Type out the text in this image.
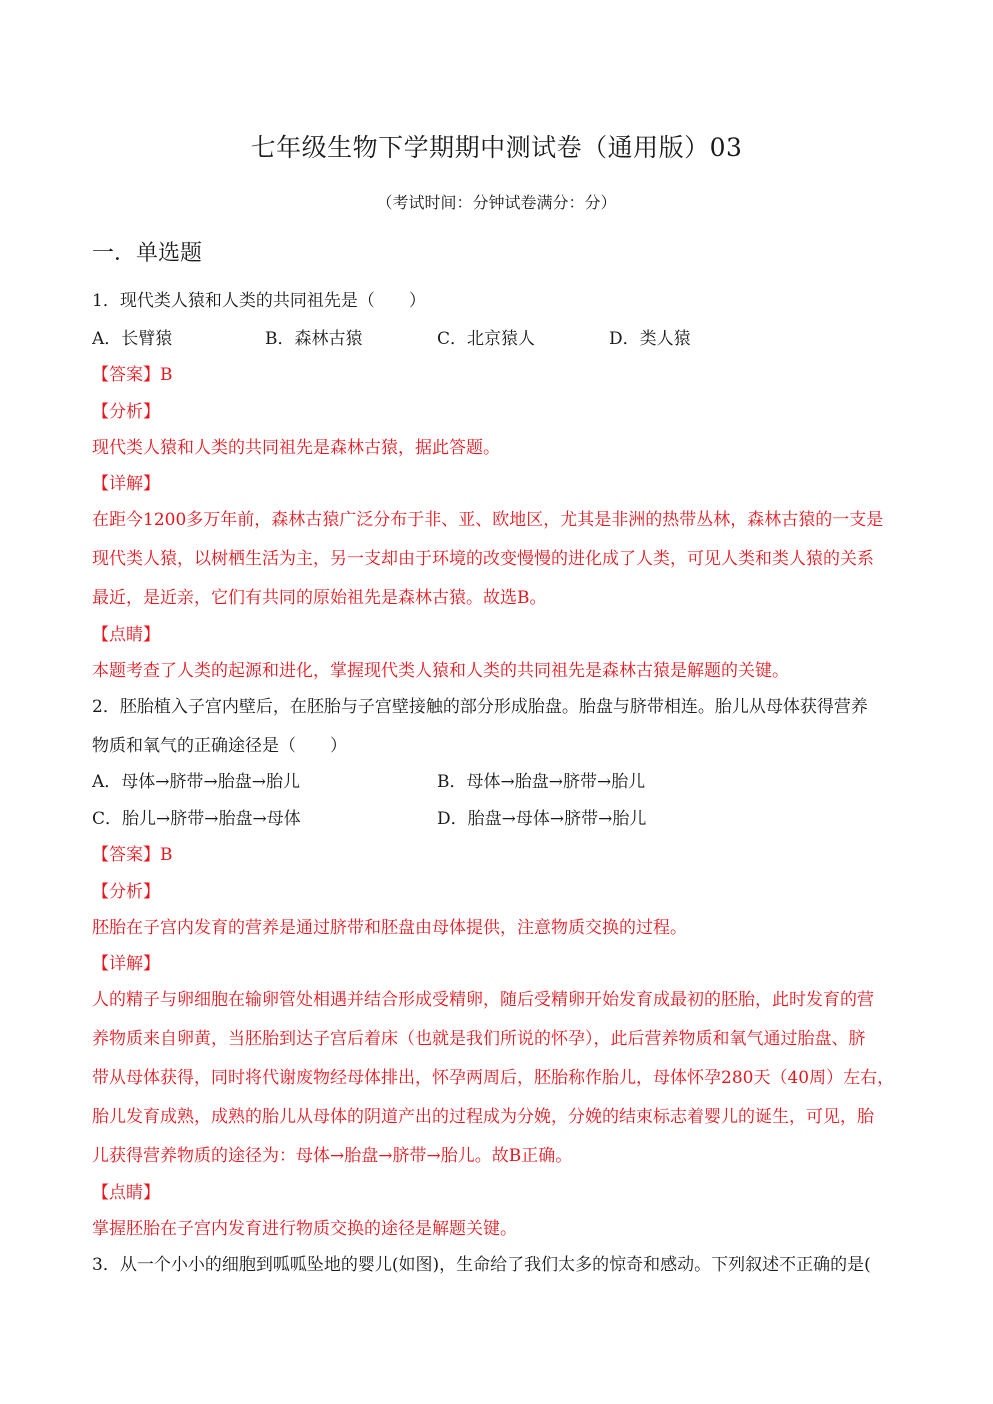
七年级生物下学期期中测试卷（通用版）03
（考试时间：分钟试卷满分：分）
一．单选题
1．现代类人猿和人类的共同祖先是（　　）
A．长臂猿	B．森林古猿	C．北京猿人	D．类人猿
【答案】B
【分析】
现代类人猿和人类的共同祖先是森林古猿，据此答题。
【详解】
在距今1200多万年前，森林古猿广泛分布于非、亚、欧地区，尤其是非洲的热带丛林，森林古猿的一支是
现代类人猿，以树栖生活为主，另一支却由于环境的改变慢慢的进化成了人类，可见人类和类人猿的关系
最近，是近亲，它们有共同的原始祖先是森林古猿。故选B。
【点睛】
本题考查了人类的起源和进化，掌握现代类人猿和人类的共同祖先是森林古猿是解题的关键。
2．胚胎植入子宫内壁后，在胚胎与子宫壁接触的部分形成胎盘。胎盘与脐带相连。胎儿从母体获得营养
物质和氧气的正确途径是（　　）
A．母体→脐带→胎盘→胎儿	B．母体→胎盘→脐带→胎儿
C．胎儿→脐带→胎盘→母体	D．胎盘→母体→脐带→胎儿
【答案】B
【分析】
胚胎在子宫内发育的营养是通过脐带和胚盘由母体提供，注意物质交换的过程。
【详解】
人的精子与卵细胞在输卵管处相遇并结合形成受精卵，随后受精卵开始发育成最初的胚胎，此时发育的营
养物质来自卵黄，当胚胎到达子宫后着床（也就是我们所说的怀孕），此后营养物质和氧气通过胎盘、脐
带从母体获得，同时将代谢废物经母体排出，怀孕两周后，胚胎称作胎儿，母体怀孕280天（40周）左右，
胎儿发育成熟，成熟的胎儿从母体的阴道产出的过程成为分娩，分娩的结束标志着婴儿的诞生，可见，胎
儿获得营养物质的途径为：母体→胎盘→脐带→胎儿。故B正确。
【点睛】
掌握胚胎在子宫内发育进行物质交换的途径是解题关键。
3．从一个小小的细胞到呱呱坠地的婴儿(如图)，生命给了我们太多的惊奇和感动。下列叙述不正确的是(
